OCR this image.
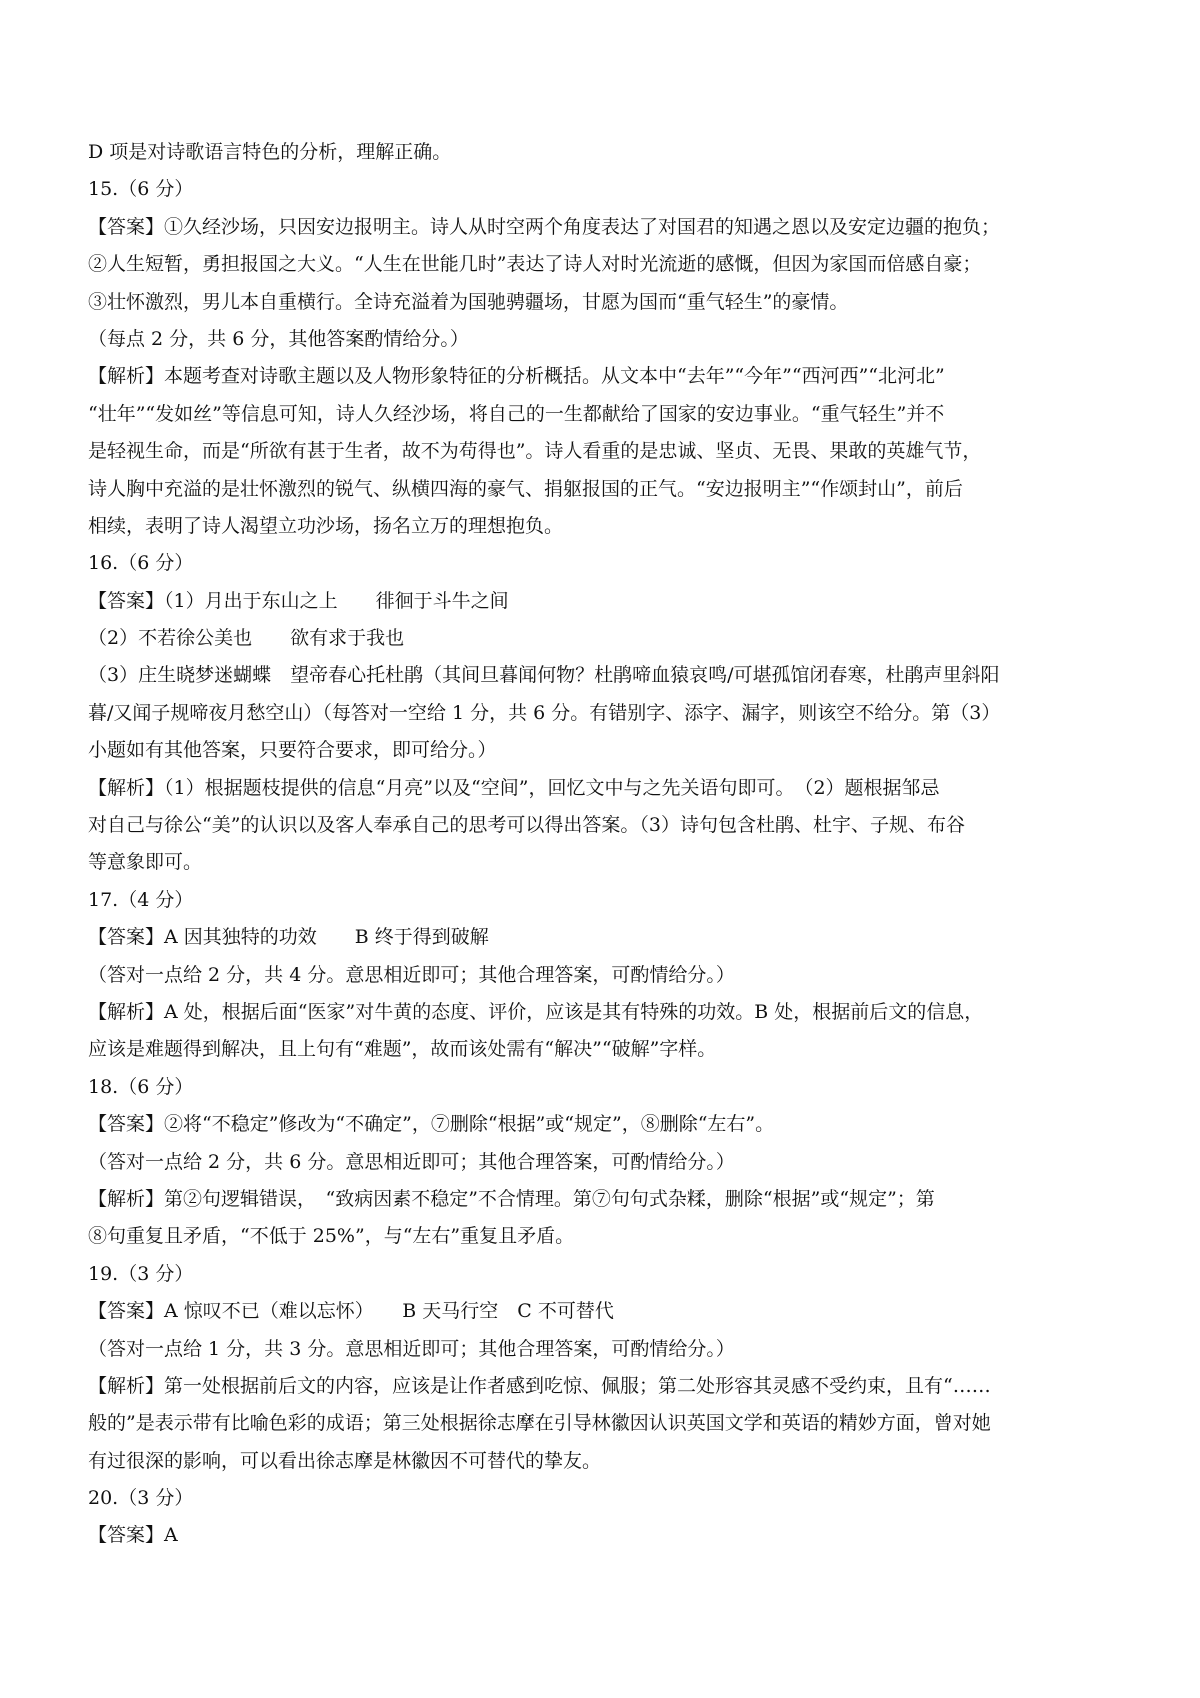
D 项是对诗歌语言特色的分析，理解正确。

15.（6 分）

【答案】①久经沙场，只因安边报明主。诗人从时空两个角度表达了对国君的知遇之恩以及安定边疆的抱负；

②人生短暂，勇担报国之大义。“人生在世能几时”表达了诗人对时光流逝的感慨，但因为家国而倍感自豪；

③壮怀激烈，男儿本自重横行。全诗充溢着为国驰骋疆场，甘愿为国而“重气轻生”的豪情。

（每点 2 分，共 6 分，其他答案酌情给分。）

【解析】本题考查对诗歌主题以及人物形象特征的分析概括。从文本中“去年”“今年”“西河西”“北河北”

“壮年”“发如丝”等信息可知，诗人久经沙场，将自己的一生都献给了国家的安边事业。“重气轻生”并不

是轻视生命，而是“所欲有甚于生者，故不为苟得也”。诗人看重的是忠诚、坚贞、无畏、果敢的英雄气节，

诗人胸中充溢的是壮怀激烈的锐气、纵横四海的豪气、捐躯报国的正气。“安边报明主”“作颂封山”，前后

相续，表明了诗人渴望立功沙场，扬名立万的理想抱负。

16.（6 分）

【答案】（1）月出于东山之上　　徘徊于斗牛之间

（2）不若徐公美也　　欲有求于我也

（3）庄生晓梦迷蝴蝶　望帝春心托杜鹃（其间旦暮闻何物？杜鹃啼血猿哀鸣/可堪孤馆闭春寒，杜鹃声里斜阳

暮/又闻子规啼夜月愁空山）（每答对一空给 1 分，共 6 分。有错别字、添字、漏字，则该空不给分。第（3）

小题如有其他答案，只要符合要求，即可给分。）

【解析】（1）根据题枝提供的信息“月亮”以及“空间”，回忆文中与之先关语句即可。　（2）题根据邹忌

对自己与徐公“美”的认识以及客人奉承自己的思考可以得出答案。（3）诗句包含杜鹃、杜宇、子规、布谷

等意象即可。

17.（4 分）

【答案】A 因其独特的功效　　B 终于得到破解

（答对一点给 2 分，共 4 分。意思相近即可；其他合理答案，可酌情给分。）

【解析】A 处，根据后面“医家”对牛黄的态度、评价，应该是其有特殊的功效。B 处，根据前后文的信息，

应该是难题得到解决，且上句有“难题”，故而该处需有“解决”“破解”字样。

18.（6 分）

【答案】②将“不稳定”修改为“不确定”，⑦删除“根据”或“规定”，⑧删除“左右”。

（答对一点给 2 分，共 6 分。意思相近即可；其他合理答案，可酌情给分。）

【解析】第②句逻辑错误，　“致病因素不稳定”不合情理。第⑦句句式杂糅，删除“根据”或“规定”；第

⑧句重复且矛盾，“不低于 25%”，与“左右”重复且矛盾。

19.（3 分）

【答案】A 惊叹不已（难以忘怀）　　B 天马行空　C 不可替代

（答对一点给 1 分，共 3 分。意思相近即可；其他合理答案，可酌情给分。）

【解析】第一处根据前后文的内容，应该是让作者感到吃惊、佩服；第二处形容其灵感不受约束，且有“……

般的”是表示带有比喻色彩的成语；第三处根据徐志摩在引导林徽因认识英国文学和英语的精妙方面，曾对她

有过很深的影响，可以看出徐志摩是林徽因不可替代的挚友。

20.（3 分）

【答案】A
